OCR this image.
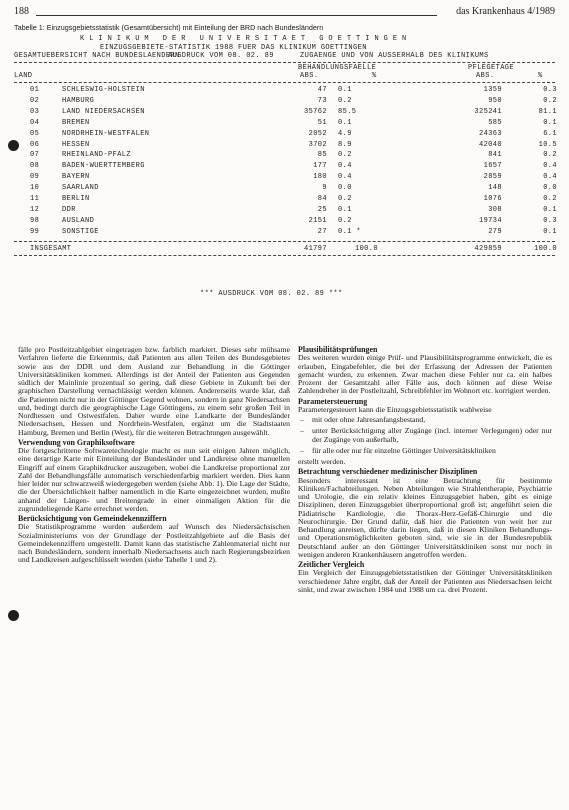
188	das Krankenhaus 4/1989
Tabelle 1: Einzugsgebietsstatistik (Gesamtübersicht) mit Einteilung der BRD nach Bundesländern
K L I N I K U M   D E R   U N I V E R S I T A E T   G O E T T I N G E N
EINZUGSGEBIETE-STATISTIK 1988 FUER DAS KLINIKUM GOETTINGEN
GESAMTUEBERSICHT NACH BUNDESLAENDERN
AUSDRUCK VOM 08. 02. 89	ZUGAENGE UND VON AUSSERHALB DES KLINIKUMS
BEHANDLUNGSFAELLE	PFLEGETAGE
LAND	ABS.	%	ABS.	%
01	SCHLESWIG-HOLSTEIN	47 0.1	1359	0.3
02	HAMBURG	73 0.2	950	0.2
03	LAND NIEDERSACHSEN	35762 85.5	325241	81.1
04	BREMEN	51 0.1	585	0.1
05	NORDRHEIN-WESTFALEN	2052 4.9	24363	6.1
06	HESSEN	3702 8.9	42040	10.5
07	RHEINLAND-PFALZ	85 0.2	841	0.2
08	BADEN-WUERTTEMBERG	177 0.4	1657	0.4
09	BAYERN	180 0.4	2859	0.4
10	SAARLAND	9 0.0	148	0.0
11	BERLIN	84 0.2	1076	0.2
12	DDR	25 0.1	308	0.1
98	AUSLAND	2151 0.2	19734	0.3
99	SONSTIGE	27 0.1 *	279	0.1
INSGESAMT	41797	100.0	429859	100.0
*** AUSDRUCK VOM 08. 02. 89 ***

fälle pro Postleitzahlgebiet eingetragen bzw. farblich markiert. Dieses sehr mühsame Verfahren lieferte die Erkenntnis, daß Patienten aus allen Teilen des Bundesgebietes sowie aus der DDR und dem Ausland zur Behandlung in die Göttinger Universitätskliniken kommen. Allerdings ist der Anteil der Patienten aus Gegenden südlich der Mainlinie prozentual so gering, daß diese Gebiete in Zukunft bei der graphischen Darstellung vernachlässigt werden können. Andererseits wurde klar, daß die Patienten nicht nur in der Göttinger Gegend wohnen, sondern in ganz Niedersachsen und, bedingt durch die geographische Lage Göttingens, zu einem sehr großen Teil in Nordhessen und Ostwestfalen. Daher wurde eine Landkarte der Bundesländer Niedersachsen, Hessen und Nordrhein-Westfalen, ergänzt um die Stadtstaaten Hamburg, Bremen und Berlin (West), für die weiteren Betrachtungen ausgewählt.

Verwendung von Graphiksoftware

Die fortgeschrittene Softwaretechnologie macht es nun seit einigen Jahren möglich, eine derartige Karte mit Einteilung der Bundesländer und Landkreise ohne manuellen Eingriff auf einem Graphikdrucker auszugeben, wobei die Landkreise proportional zur Zahl der Behandlungsfälle automatisch verschiedenfarbig markiert werden. Dies kann hier leider nur schwarzweiß wiedergegeben werden (siehe Abb. 1). Die Lage der Städte, die der Übersichtlichkeit halber namentlich in die Karte eingezeichnet wurden, mußte anhand der Längen- und Breitengrade in einer einmaligen Aktion für die zugrundeliegende Karte errechnet werden.

Berücksichtigung von Gemeindekennziffern

Die Statistikprogramme wurden außerdem auf Wunsch des Niedersächsischen Sozialministeriums von der Grundlage der Postleitzahlgebiete auf die Basis der Gemeindekennziffern umgestellt. Damit kann das statistische Zahlenmaterial nicht nur nach Bundesländern, sondern innerhalb Niedersachsens auch nach Regierungsbezirken und Landkreisen aufgeschlüsselt werden (siehe Tabelle 1 und 2).

Plausibilitätsprüfungen

Des weiteren wurden einige Prüf- und Plausibilitätsprogramme entwickelt, die es erlauben, Eingabefehler, die bei der Erfassung der Adressen der Patienten gemacht wurden, zu erkennen. Zwar machen diese Fehler nur ca. ein halbes Prozent der Gesamtzahl aller Fälle aus, doch können auf diese Weise Zahlendreher in der Postleitzahl, Schreibfehler im Wohnort etc. korrigiert werden.

Parametersteuerung

Parametergesteuert kann die Einzugsgebietsstatistik wahlweise

– mit oder ohne Jahresanfangsbestand,
– unter Berücksichtigung aller Zugänge (incl. interner Verlegungen) oder nur der Zugänge von außerhalb,
– für alle oder nur für einzelne Göttinger Universitätskliniken

erstellt werden.

Betrachtung verschiedener medizinischer Disziplinen

Besonders interessant ist eine Betrachtung für bestimmte Kliniken/Fachabteilungen. Neben Abteilungen wie Strahlentherapie, Psychiatrie und Urologie, die ein relativ kleines Einzugsgebiet haben, gibt es einige Disziplinen, deren Einzugsgebiet überproportional groß ist; angeführt seien die Pädiatrische Kardiologie, die Thorax-Herz-Gefäß-Chirurgie und die Neurochirurgie. Der Grund dafür, daß hier die Patienten von weit her zur Behandlung anreisen, dürfte darin liegen, daß in diesen Kliniken Behandlungs- und Operationsmöglichkeiten geboten sind, wie sie in der Bundesrepublik Deutschland außer an den Göttinger Universitätskliniken sonst nur noch in wenigen anderen Krankenhäusern angetroffen werden.

Zeitlicher Vergleich

Ein Vergleich der Einzugsgebietsstatistiken der Göttinger Universitätskliniken verschiedener Jahre ergibt, daß der Anteil der Patienten aus Niedersachsen leicht sinkt, und zwar zwischen 1984 und 1988 um ca. drei Prozent.
